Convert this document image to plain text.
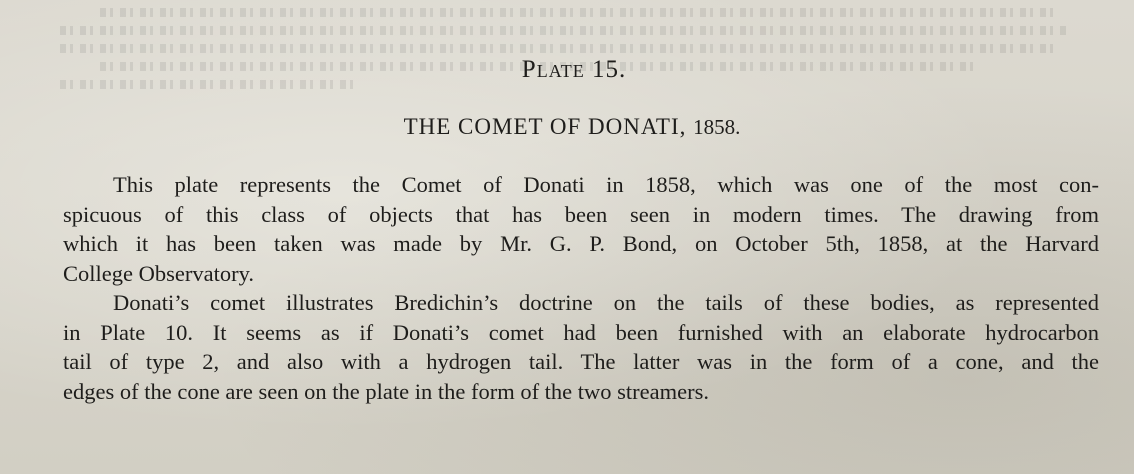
Plate 15.
THE COMET OF DONATI, 1858.
This plate represents the Comet of Donati in 1858, which was one of the most con-
spicuous of this class of objects that has been seen in modern times. The drawing from
which it has been taken was made by Mr. G. P. Bond, on October 5th, 1858, at the Harvard
College Observatory.
Donati’s comet illustrates Bredichin’s doctrine on the tails of these bodies, as represented
in Plate 10. It seems as if Donati’s comet had been furnished with an elaborate hydrocarbon
tail of type 2, and also with a hydrogen tail. The latter was in the form of a cone, and the
edges of the cone are seen on the plate in the form of the two streamers.
